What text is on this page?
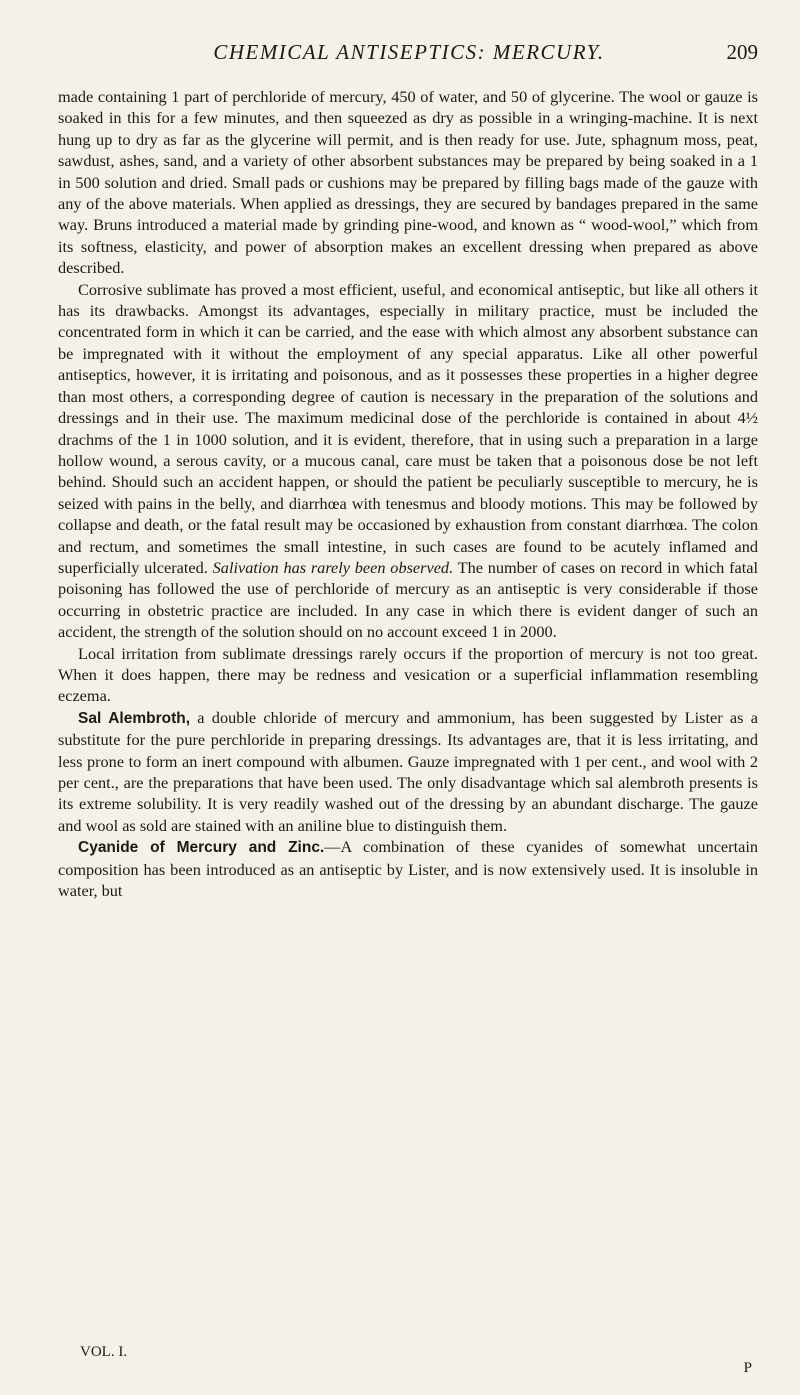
CHEMICAL ANTISEPTICS: MERCURY.	209

made containing 1 part of perchloride of mercury, 450 of water, and 50 of glycerine. The wool or gauze is soaked in this for a few minutes, and then squeezed as dry as possible in a wringing-machine. It is next hung up to dry as far as the glycerine will permit, and is then ready for use. Jute, sphagnum moss, peat, sawdust, ashes, sand, and a variety of other absorbent substances may be prepared by being soaked in a 1 in 500 solution and dried. Small pads or cushions may be prepared by filling bags made of the gauze with any of the above materials. When applied as dressings, they are secured by bandages prepared in the same way. Bruns introduced a material made by grinding pine-wood, and known as “ wood-wool,” which from its softness, elasticity, and power of absorption makes an excellent dressing when prepared as above described.

Corrosive sublimate has proved a most efficient, useful, and economical antiseptic, but like all others it has its drawbacks. Amongst its advantages, especially in military practice, must be included the concentrated form in which it can be carried, and the ease with which almost any absorbent substance can be impregnated with it without the employment of any special apparatus. Like all other powerful antiseptics, however, it is irritating and poisonous, and as it possesses these properties in a higher degree than most others, a corresponding degree of caution is necessary in the preparation of the solutions and dressings and in their use. The maximum medicinal dose of the perchloride is contained in about 4½ drachms of the 1 in 1000 solution, and it is evident, therefore, that in using such a preparation in a large hollow wound, a serous cavity, or a mucous canal, care must be taken that a poisonous dose be not left behind. Should such an accident happen, or should the patient be peculiarly susceptible to mercury, he is seized with pains in the belly, and diarrhœa with tenesmus and bloody motions. This may be followed by collapse and death, or the fatal result may be occasioned by exhaustion from constant diarrhœa. The colon and rectum, and sometimes the small intestine, in such cases are found to be acutely inflamed and superficially ulcerated. Salivation has rarely been observed. The number of cases on record in which fatal poisoning has followed the use of perchloride of mercury as an antiseptic is very considerable if those occurring in obstetric practice are included. In any case in which there is evident danger of such an accident, the strength of the solution should on no account exceed 1 in 2000.

Local irritation from sublimate dressings rarely occurs if the proportion of mercury is not too great. When it does happen, there may be redness and vesication or a superficial inflammation resembling eczema.

Sal Alembroth, a double chloride of mercury and ammonium, has been suggested by Lister as a substitute for the pure perchloride in preparing dressings. Its advantages are, that it is less irritating, and less prone to form an inert compound with albumen. Gauze impregnated with 1 per cent., and wool with 2 per cent., are the preparations that have been used. The only disadvantage which sal alembroth presents is its extreme solubility. It is very readily washed out of the dressing by an abundant discharge. The gauze and wool as sold are stained with an aniline blue to distinguish them.

Cyanide of Mercury and Zinc.—A combination of these cyanides of somewhat uncertain composition has been introduced as an antiseptic by Lister, and is now extensively used. It is insoluble in water, but

VOL. I.
P
